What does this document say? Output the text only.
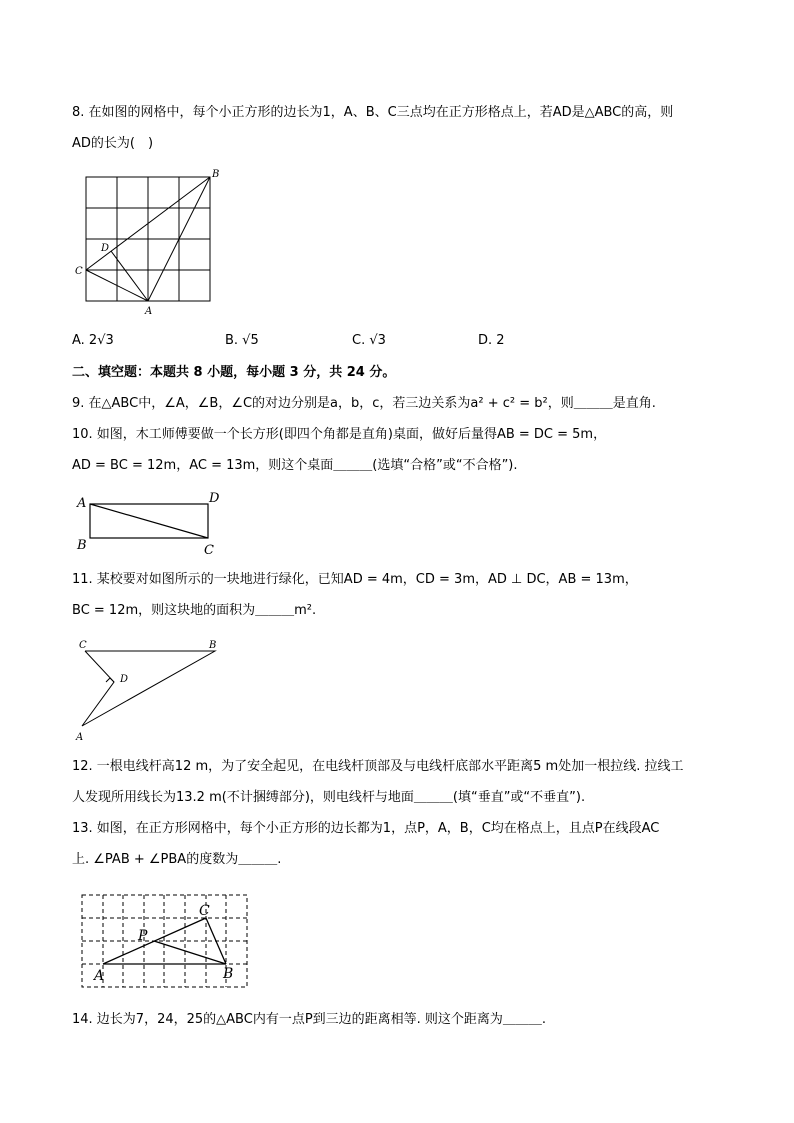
8. 在如图的网格中，每个小正方形的边长为1，A、B、C三点均在正方形格点上，若AD是△ABC的高，则
AD的长为(　)
B
C
D
A
A. 2√3	B. √5	C. √3	D. 2
二、填空题：本题共 8 小题，每小题 3 分，共 24 分。
9. 在△ABC中，∠A，∠B，∠C的对边分别是a，b，c，若三边关系为a² + c² = b²，则＿＿＿是直角.
10. 如图，木工师傅要做一个长方形(即四个角都是直角)桌面，做好后量得AB = DC = 5m，
AD = BC = 12m，AC = 13m，则这个桌面＿＿＿(选填“合格”或“不合格”).
A	D
B	C
11. 某校要对如图所示的一块地进行绿化，已知AD = 4m，CD = 3m，AD ⊥ DC，AB = 13m，
BC = 12m，则这块地的面积为＿＿＿m².
C	B
D
A
12. 一根电线杆高12 m，为了安全起见，在电线杆顶部及与电线杆底部水平距离5 m处加一根拉线. 拉线工
人发现所用线长为13.2 m(不计捆缚部分)，则电线杆与地面＿＿＿(填“垂直”或“不垂直”).
13. 如图，在正方形网格中，每个小正方形的边长都为1，点P，A，B，C均在格点上，且点P在线段AC
上. ∠PAB + ∠PBA的度数为＿＿＿.
C
P
A	B
14. 边长为7，24，25的△ABC内有一点P到三边的距离相等. 则这个距离为＿＿＿.
